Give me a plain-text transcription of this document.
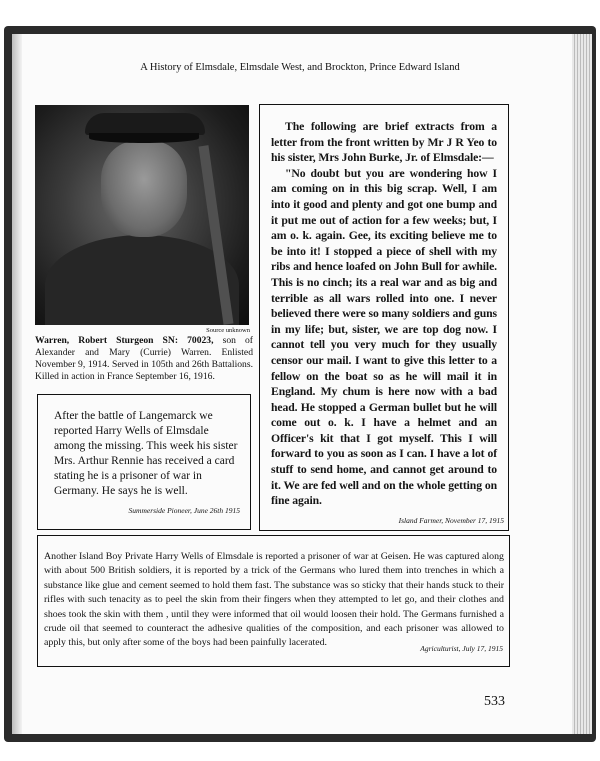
A History of Elmsdale, Elmsdale West, and Brockton, Prince Edward Island
Source unknown
Warren, Robert Sturgeon SN: 70023, son of Alexander and Mary (Currie) Warren. Enlisted November 9, 1914. Served in 105th and 26th Battalions. Killed in action in France September 16, 1916.
After the battle of Langemarck we reported Harry Wells of Elmsdale among the missing. This week his sister Mrs. Arthur Rennie has received a card stating he is a prisoner of war in Germany. He says he is well.
Summerside Pioneer, June 26th 1915

The following are brief extracts from a letter from the front written by Mr J R Yeo to his sister, Mrs John Burke, Jr. of Elmsdale:—

"No doubt but you are wondering how I am coming on in this big scrap. Well, I am into it good and plenty and got one bump and it put me out of action for a few weeks; but, I am o. k. again. Gee, its exciting believe me to be into it! I stopped a piece of shell with my ribs and hence loafed on John Bull for awhile. This is no cinch; its a real war and as big and terrible as all wars rolled into one. I never believed there were so many soldiers and guns in my life; but, sister, we are top dog now. I cannot tell you very much for they usually censor our mail. I want to give this letter to a fellow on the boat so as he will mail it in England. My chum is here now with a bad head. He stopped a German bullet but he will come out o. k. I have a helmet and an Officer's kit that I got myself. This I will forward to you as soon as I can. I have a lot of stuff to send home, and cannot get around to it. We are fed well and on the whole getting on fine again.

Island Farmer, November 17, 1915
Another Island Boy Private Harry Wells of Elmsdale is reported a prisoner of war at Geisen. He was captured along with about 500 British soldiers, it is reported by a trick of the Germans who lured them into trenches in which a substance like glue and cement seemed to hold them fast. The substance was so sticky that their hands stuck to their rifles with such tenacity as to peel the skin from their fingers when they attempted to let go, and their clothes and shoes took the skin with them , until they were informed that oil would loosen their hold. The Germans furnished a crude oil that seemed to counteract the adhesive qualities of the composition, and each prisoner was allowed to apply this, but only after some of the boys had been painfully lacerated.
Agriculturist, July 17, 1915
533
